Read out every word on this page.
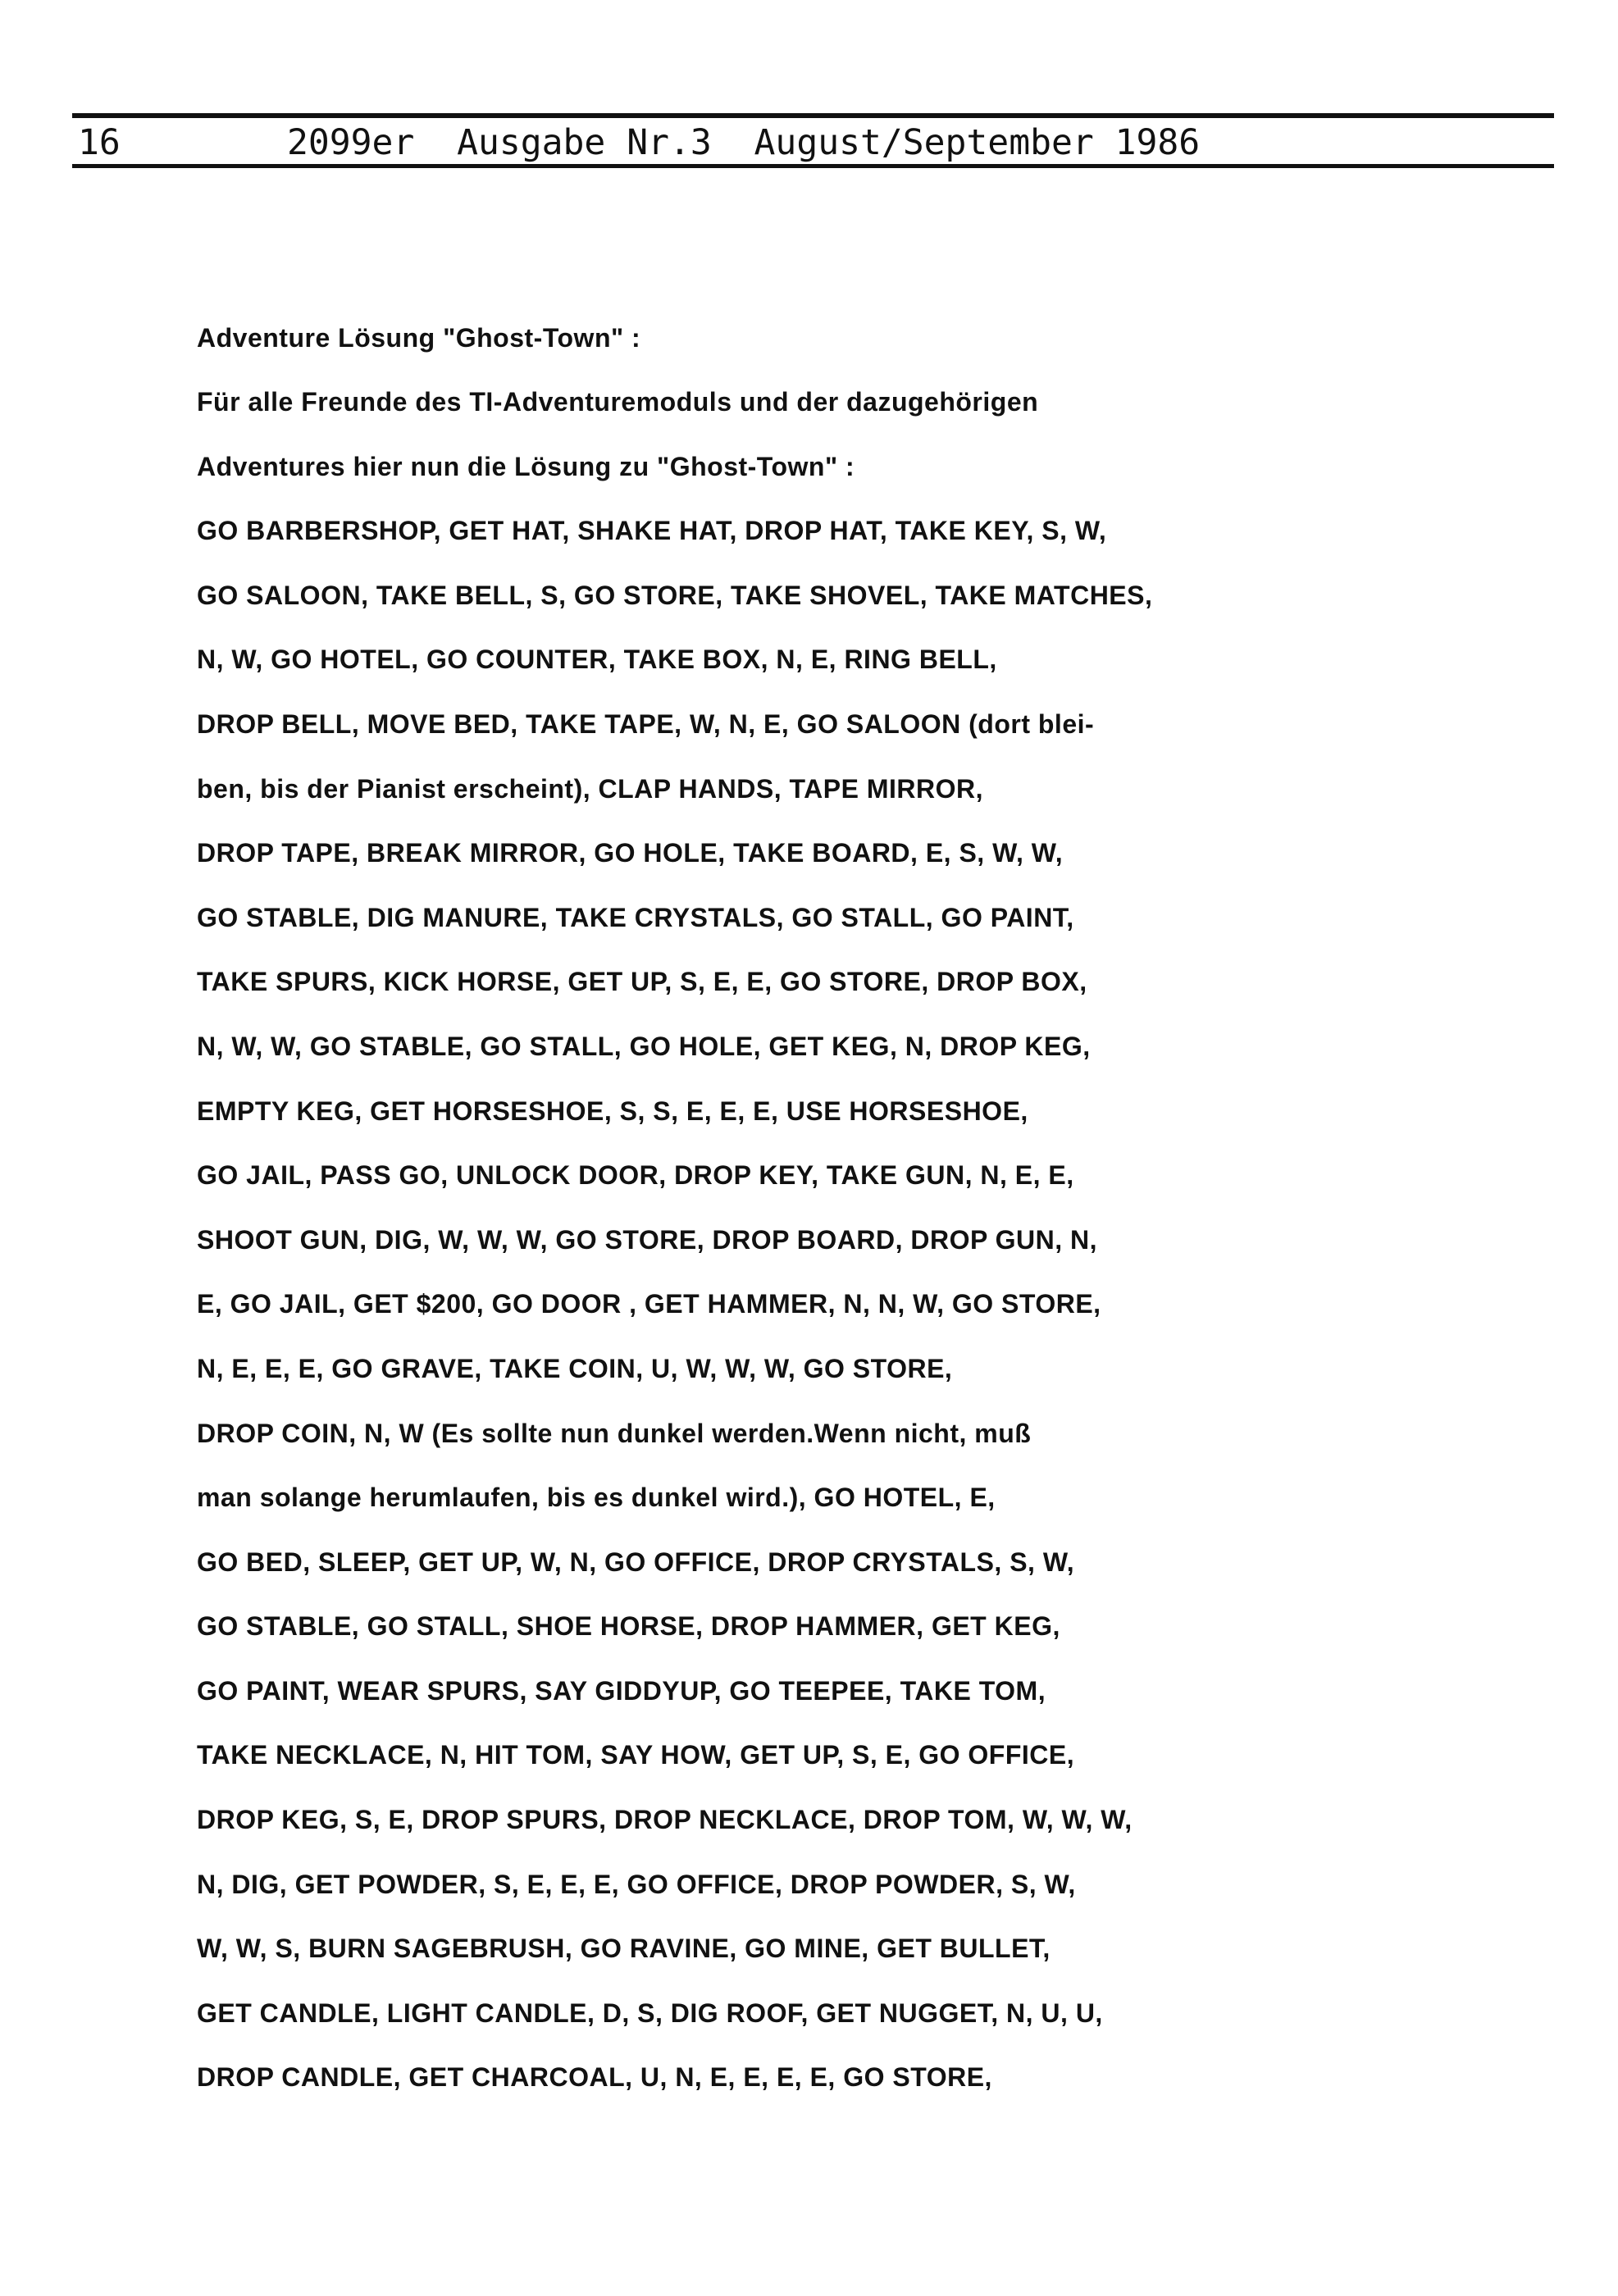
16	2099er  Ausgabe Nr.3  August/September 1986
Adventure Lösung "Ghost-Town" :
Für alle Freunde des TI-Adventuremoduls und der dazugehörigen
Adventures hier nun die Lösung zu "Ghost-Town" :
GO BARBERSHOP, GET HAT, SHAKE HAT, DROP HAT, TAKE KEY, S, W,
GO SALOON, TAKE BELL, S, GO STORE, TAKE SHOVEL, TAKE MATCHES,
N, W, GO HOTEL, GO COUNTER, TAKE BOX, N, E, RING BELL,
DROP BELL, MOVE BED, TAKE TAPE, W, N, E, GO SALOON (dort blei-
ben, bis der Pianist erscheint), CLAP HANDS, TAPE MIRROR,
DROP TAPE, BREAK MIRROR, GO HOLE, TAKE BOARD, E, S, W, W,
GO STABLE, DIG MANURE, TAKE CRYSTALS, GO STALL, GO PAINT,
TAKE SPURS, KICK HORSE, GET UP, S, E, E, GO STORE, DROP BOX,
N, W, W, GO STABLE, GO STALL, GO HOLE, GET KEG, N, DROP KEG,
EMPTY KEG, GET HORSESHOE, S, S, E, E, E, USE HORSESHOE,
GO JAIL, PASS GO, UNLOCK DOOR, DROP KEY, TAKE GUN, N, E, E,
SHOOT GUN, DIG, W, W, W, GO STORE, DROP BOARD, DROP GUN, N,
E, GO JAIL, GET $200, GO DOOR , GET HAMMER, N, N, W, GO STORE,
N, E, E, E, GO GRAVE, TAKE COIN, U, W, W, W, GO STORE,
DROP COIN, N, W (Es sollte nun dunkel werden.Wenn nicht, muß
man solange herumlaufen, bis es dunkel wird.), GO HOTEL, E,
GO BED, SLEEP, GET UP, W, N, GO OFFICE, DROP CRYSTALS, S, W,
GO STABLE, GO STALL, SHOE HORSE, DROP HAMMER, GET KEG,
GO PAINT, WEAR SPURS, SAY GIDDYUP, GO TEEPEE, TAKE TOM,
TAKE NECKLACE, N, HIT TOM, SAY HOW, GET UP, S, E, GO OFFICE,
DROP KEG, S, E, DROP SPURS, DROP NECKLACE, DROP TOM, W, W, W,
N, DIG, GET POWDER, S, E, E, E, GO OFFICE, DROP POWDER, S, W,
W, W, S, BURN SAGEBRUSH, GO RAVINE, GO MINE, GET BULLET,
GET CANDLE, LIGHT CANDLE, D, S, DIG ROOF, GET NUGGET, N, U, U,
DROP CANDLE, GET CHARCOAL, U, N, E, E, E, E, GO STORE,
